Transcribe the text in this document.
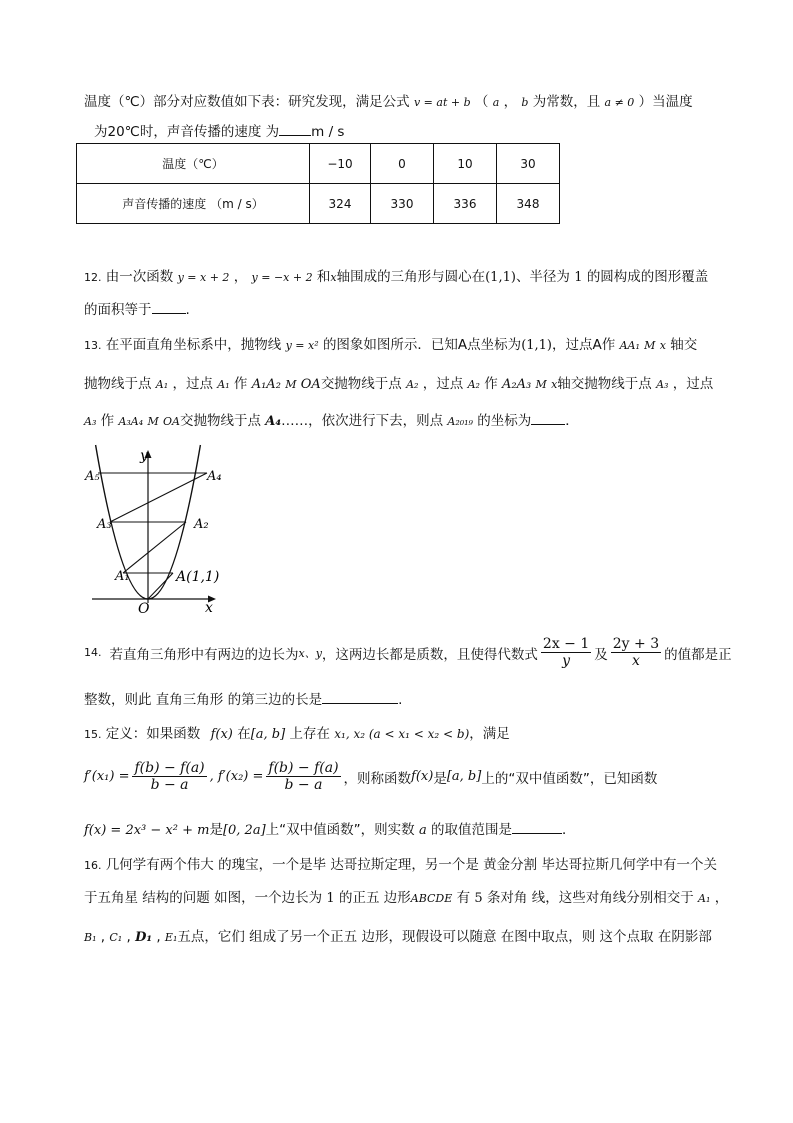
温度（℃）部分对应数值如下表：研究发现，满足公式 v = at + b （ a ， b 为常数，且 a ≠ 0 ）当温度
为20℃时，声音传播的速度 为 m / s
温度（℃）	−10	0	10	30
声音传播的速度 （m / s）	324	330	336	348
12. 由一次函数 y = x + 2 ， y = −x + 2 和x轴围成的三角形与圆心在(1,1)、半径为 1 的圆构成的图形覆盖
的面积等于	.
13. 在平面直角坐标系中，抛物线 y = x² 的图象如图所示．已知A点坐标为(1,1)，过点A作 AA₁ M x 轴交
抛物线于点 A₁ ，过点 A₁ 作 A₁A₂ M OA交抛物线于点 A₂ ，过点 A₂ 作 A₂A₃ M x轴交抛物线于点 A₃ ，过点
A₃ 作 A₃A₄ M OA交抛物线于点 A₄……，依次进行下去，则点 A₂₀₁₉ 的坐标为	．
y
x
O
A₅	A₄
A₃	A₂
A₁	A(1,1)
14. 若直角三角形中有两边的边长为 x、y ，这两边长都是质数，且使得代数式 $\frac{2x - 1}{y}$ 及 $\frac{2y + 3}{x}$ 的值都是正
整数，则此 直角三角形 的第三边的长是	.
15. 定义：如果函数 f(x) 在[a, b] 上存在 x₁, x₂ (a < x₁ < x₂ < b)，满足
$f'(x_1) = \frac{f(b) - f(a)}{b - a}$ , $f'(x_2) = \frac{f(b) - f(a)}{b - a}$ ，则称函数 f(x) 是 [a, b] 上的“双中值函数”，已知函数
f(x) = 2x³ − x² + m是[0, 2a]上“双中值函数”，则实数 a 的取值范围是	．
16. 几何学有两个伟大 的瑰宝，一个是毕 达哥拉斯定理，另一个是 黄金分割 毕达哥拉斯几何学中有一个关
于五角星 结构的问题 如图，一个边长为 1 的正五 边形ABCDE 有 5 条对角 线，这些对角线分别相交于 A₁ ，
B₁ , C₁ , D₁ , E₁五点，它们 组成了另一个正五 边形，现假设可以随意 在图中取点，则 这个点取 在阴影部
